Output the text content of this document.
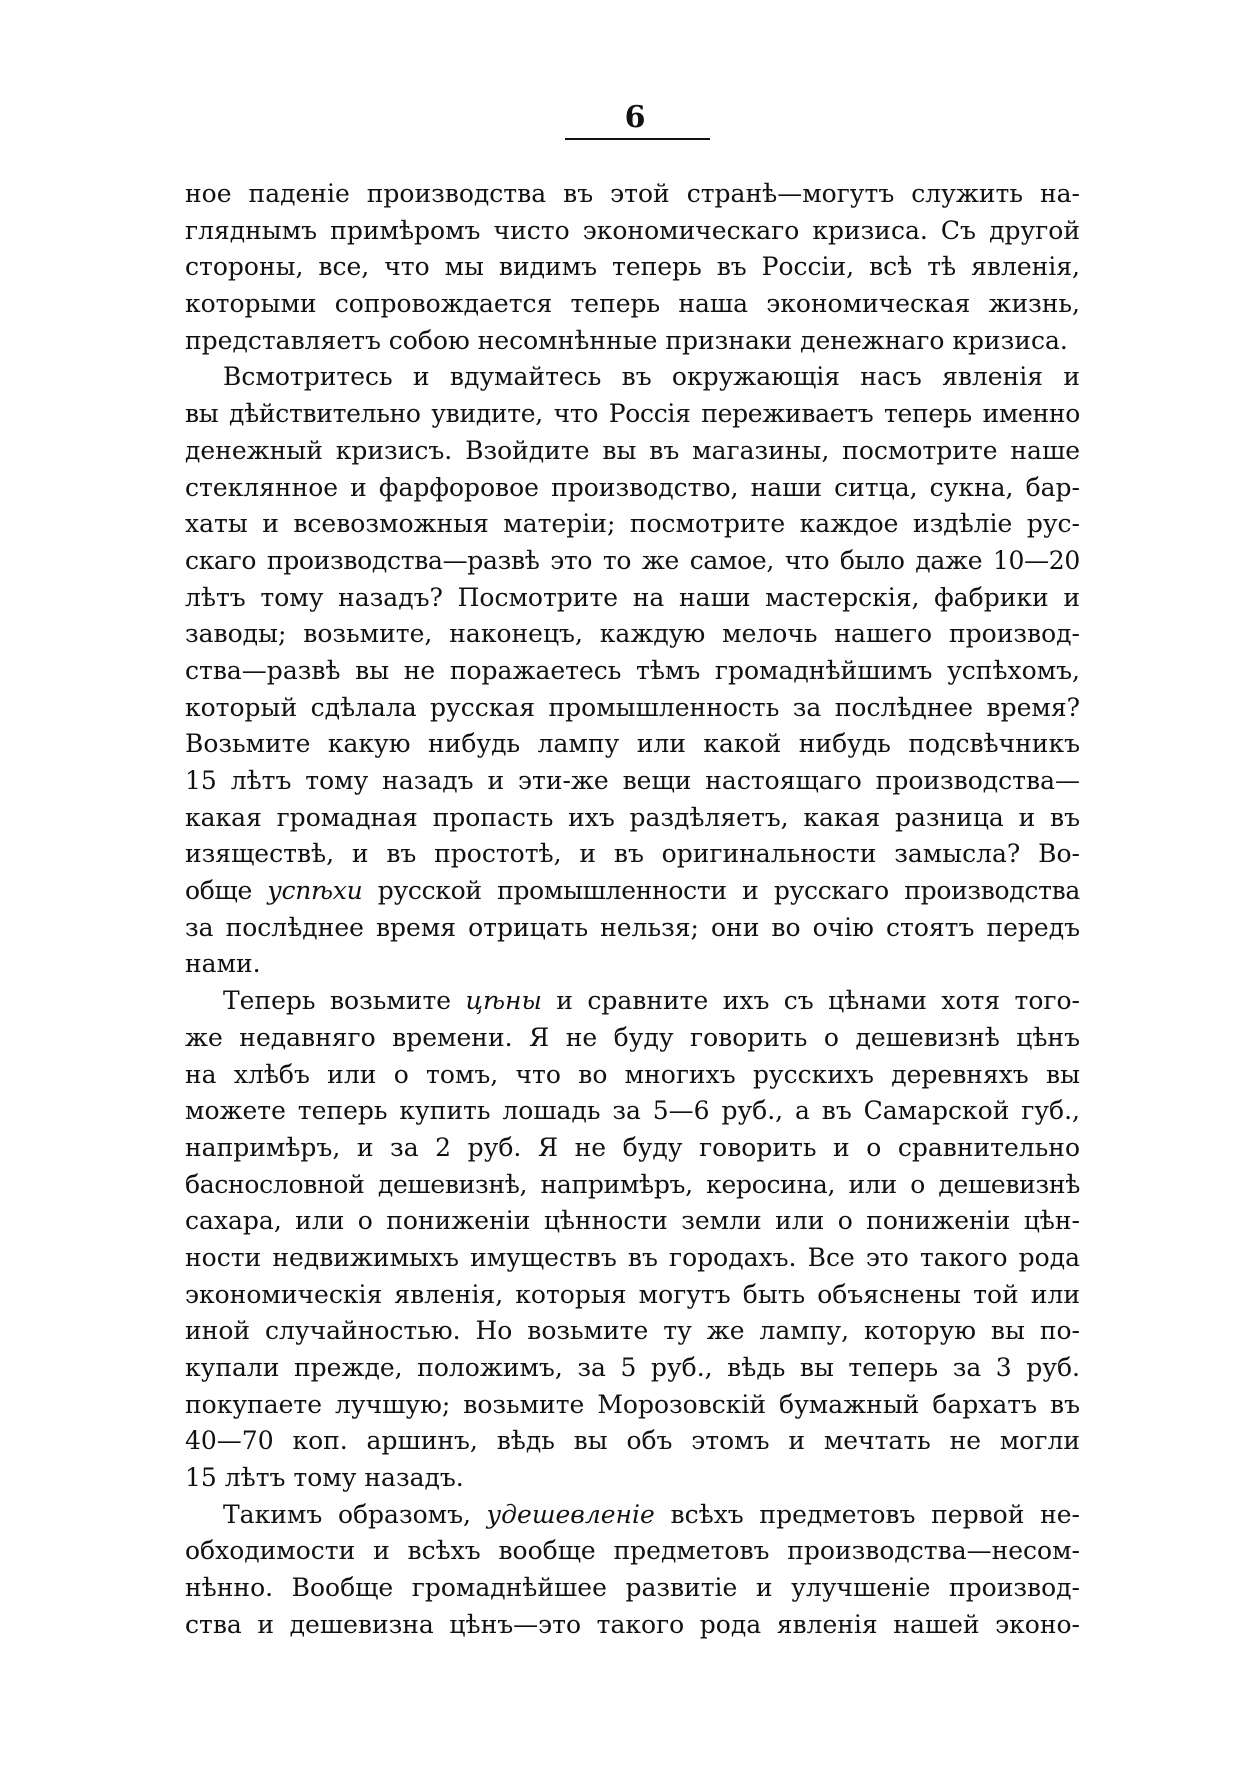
6
ное паденіе производства въ этой странѣ—могутъ служить на-
гляднымъ примѣромъ чисто экономическаго кризиса. Съ другой
стороны, все, что мы видимъ теперь въ Россіи, всѣ тѣ явленія,
которыми сопровождается теперь наша экономическая жизнь,
представляетъ собою несомнѣнные признаки денежнаго кризиса.
Всмотритесь и вдумайтесь въ окружающія насъ явленія и
вы дѣйствительно увидите, что Россія переживаетъ теперь именно
денежный кризисъ. Взойдите вы въ магазины, посмотрите наше
стеклянное и фарфоровое производство, наши ситца, сукна, бар-
хаты и всевозможныя матеріи; посмотрите каждое издѣліе рус-
скаго производства—развѣ это то же самое, что было даже 10—20
лѣтъ тому назадъ? Посмотрите на наши мастерскія, фабрики и
заводы; возьмите, наконецъ, каждую мелочь нашего производ-
ства—развѣ вы не поражаетесь тѣмъ громаднѣйшимъ успѣхомъ,
который сдѣлала русская промышленность за послѣднее время?
Возьмите какую нибудь лампу или какой нибудь подсвѣчникъ
15 лѣтъ тому назадъ и эти-же вещи настоящаго производства—
какая громадная пропасть ихъ раздѣляетъ, какая разница и въ
изяществѣ, и въ простотѣ, и въ оригинальности замысла? Во-
обще успѣхи русской промышленности и русскаго производства
за послѣднее время отрицать нельзя; они во очію стоятъ передъ
нами.
Теперь возьмите цѣны и сравните ихъ съ цѣнами хотя того-
же недавняго времени. Я не буду говорить о дешевизнѣ цѣнъ
на хлѣбъ или о томъ, что во многихъ русскихъ деревняхъ вы
можете теперь купить лошадь за 5—6 руб., а въ Самарской губ.,
напримѣръ, и за 2 руб. Я не буду говорить и о сравнительно
баснословной дешевизнѣ, напримѣръ, керосина, или о дешевизнѣ
сахара, или о пониженіи цѣнности земли или о пониженіи цѣн-
ности недвижимыхъ имуществъ въ городахъ. Все это такого рода
экономическія явленія, которыя могутъ быть объяснены той или
иной случайностью. Но возьмите ту же лампу, которую вы по-
купали прежде, положимъ, за 5 руб., вѣдь вы теперь за 3 руб.
покупаете лучшую; возьмите Морозовскій бумажный бархатъ въ
40—70 коп. аршинъ, вѣдь вы объ этомъ и мечтать не могли
15 лѣтъ тому назадъ.
Такимъ образомъ, удешевленіе всѣхъ предметовъ первой не-
обходимости и всѣхъ вообще предметовъ производства—несом-
нѣнно. Вообще громаднѣйшее развитіе и улучшеніе производ-
ства и дешевизна цѣнъ—это такого рода явленія нашей эконо-
